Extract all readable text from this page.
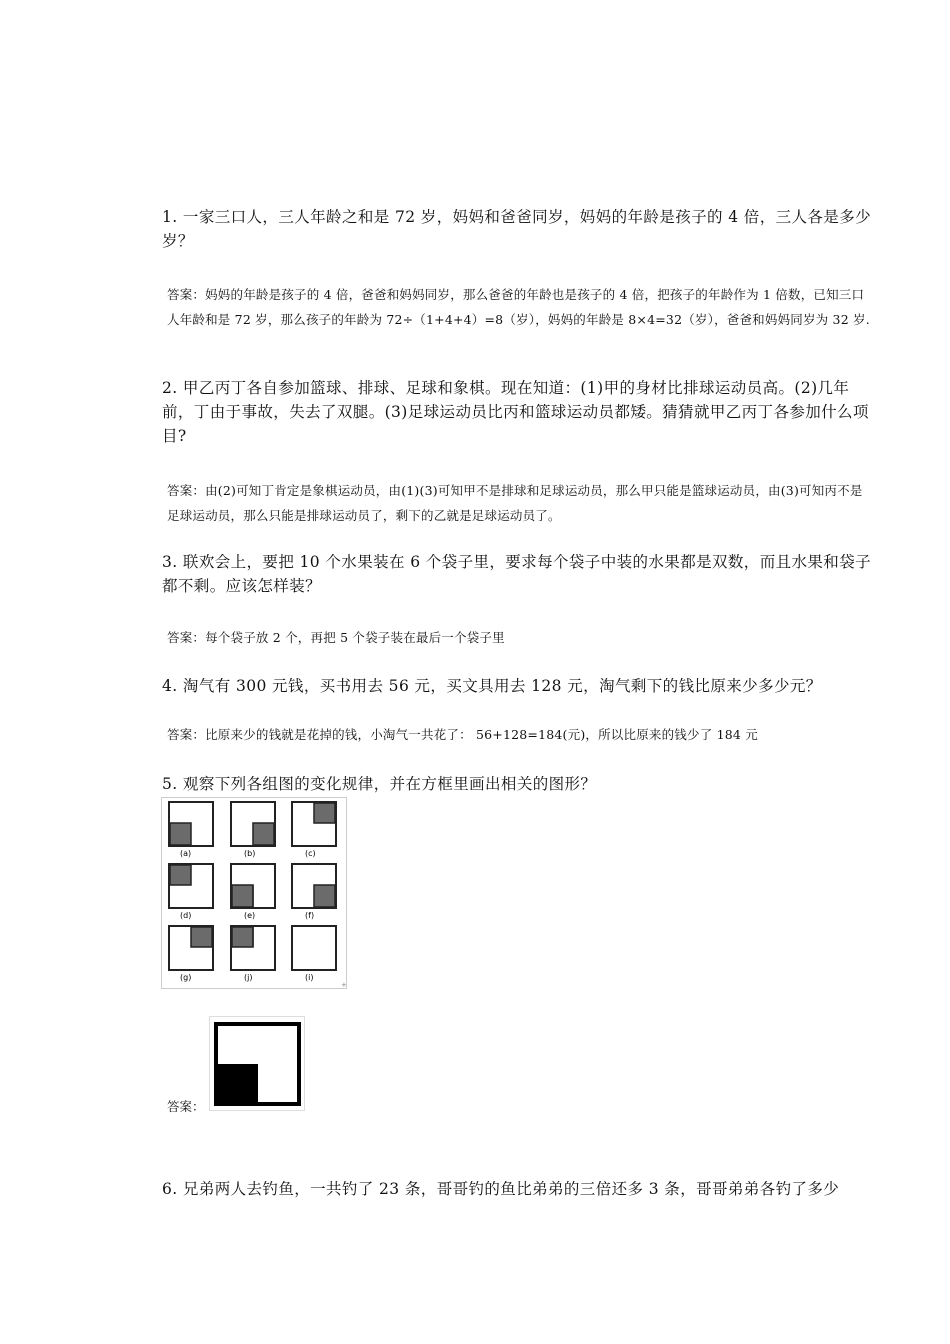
1. 一家三口人，三人年龄之和是 72 岁，妈妈和爸爸同岁，妈妈的年龄是孩子的 4 倍，三人各是多少岁？
答案：妈妈的年龄是孩子的 4 倍，爸爸和妈妈同岁，那么爸爸的年龄也是孩子的 4 倍，把孩子的年龄作为 1 倍数，已知三口人年龄和是 72 岁，那么孩子的年龄为 72÷（1+4+4）=8（岁），妈妈的年龄是 8×4=32（岁），爸爸和妈妈同岁为 32 岁.
2. 甲乙丙丁各自参加篮球、排球、足球和象棋。现在知道：(1)甲的身材比排球运动员高。(2)几年前，丁由于事故，失去了双腿。(3)足球运动员比丙和篮球运动员都矮。猜猜就甲乙丙丁各参加什么项目?
答案：由(2)可知丁肯定是象棋运动员，由(1)(3)可知甲不是排球和足球运动员，那么甲只能是篮球运动员，由(3)可知丙不是足球运动员，那么只能是排球运动员了，剩下的乙就是足球运动员了。
3. 联欢会上，要把 10 个水果装在 6 个袋子里，要求每个袋子中装的水果都是双数，而且水果和袋子都不剩。应该怎样装？
答案：每个袋子放 2 个，再把 5 个袋子装在最后一个袋子里
4. 淘气有 300 元钱，买书用去 56 元，买文具用去 128 元，淘气剩下的钱比原来少多少元？
答案：比原来少的钱就是花掉的钱，小淘气一共花了： 56+128=184(元)，所以比原来的钱少了 184 元
5. 观察下列各组图的变化规律，并在方框里画出相关的图形？
(a)	(b)	(c)
(d)	(e)	(f)
(g)	(j)	(i)
+
答案：
6. 兄弟两人去钓鱼，一共钓了 23 条，哥哥钓的鱼比弟弟的三倍还多 3 条，哥哥弟弟各钓了多少
